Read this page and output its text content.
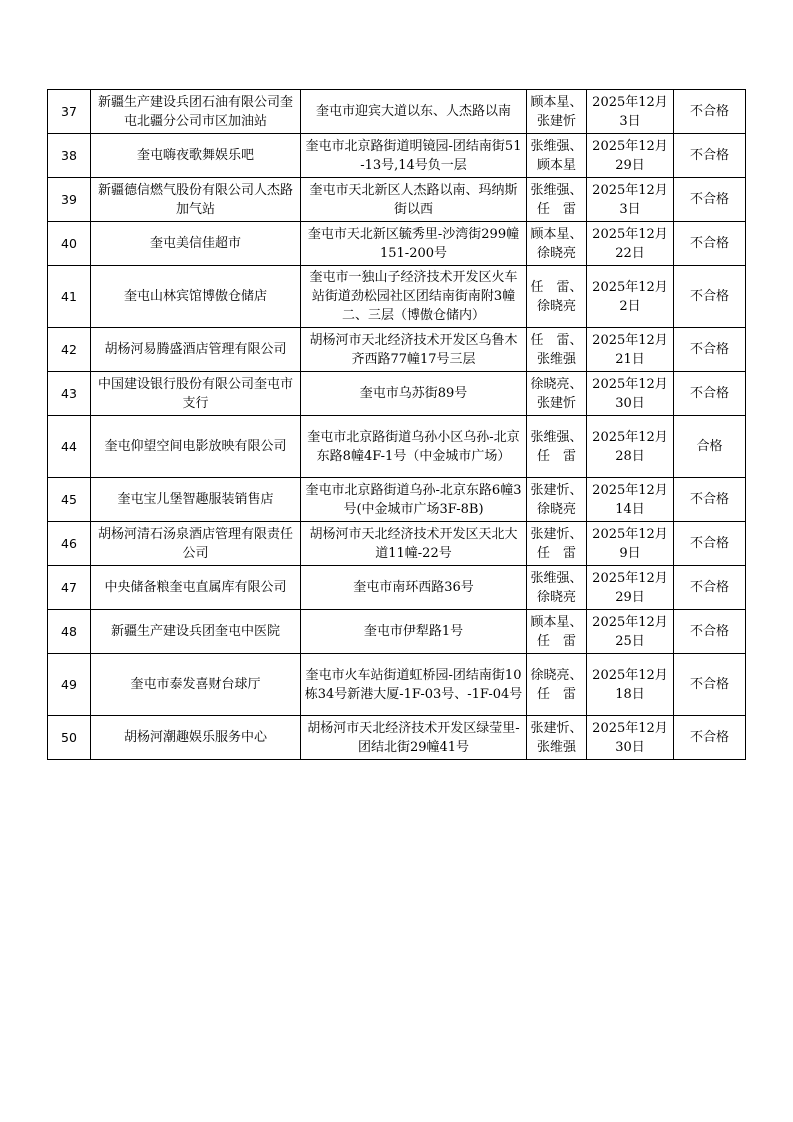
37	新疆生产建设兵团石油有限公司奎屯北疆分公司市区加油站	奎屯市迎宾大道以东、人杰路以南	顾本星、张建忻	2025年12月3日	不合格
38	奎屯嗨夜歌舞娱乐吧	奎屯市北京路街道明镜园-团结南街51-13号,14号负一层	张维强、顾本星	2025年12月29日	不合格
39	新疆德信燃气股份有限公司人杰路加气站	奎屯市天北新区人杰路以南、玛纳斯街以西	张维强、任　雷	2025年12月3日	不合格
40	奎屯美信佳超市	奎屯市天北新区毓秀里-沙湾街299幢151-200号	顾本星、徐晓亮	2025年12月22日	不合格
41	奎屯山林宾馆博傲仓储店	奎屯市一独山子经济技术开发区火车站街道劲松园社区团结南街南附3幢二、三层（博傲仓储内）	任　雷、徐晓亮	2025年12月2日	不合格
42	胡杨河易腾盛酒店管理有限公司	胡杨河市天北经济技术开发区乌鲁木齐西路77幢17号三层	任　雷、张维强	2025年12月21日	不合格
43	中国建设银行股份有限公司奎屯市支行	奎屯市乌苏街89号	徐晓亮、张建忻	2025年12月30日	不合格
44	奎屯仰望空间电影放映有限公司	奎屯市北京路街道乌孙小区乌孙-北京东路8幢4F-1号（中金城市广场）	张维强、任　雷	2025年12月28日	合格
45	奎屯宝儿堡智趣服装销售店	奎屯市北京路街道乌孙-北京东路6幢3号(中金城市广场3F-8B)	张建忻、徐晓亮	2025年12月14日	不合格
46	胡杨河清石汤泉酒店管理有限责任公司	胡杨河市天北经济技术开发区天北大道11幢-22号	张建忻、任　雷	2025年12月9日	不合格
47	中央储备粮奎屯直属库有限公司	奎屯市南环西路36号	张维强、徐晓亮	2025年12月29日	不合格
48	新疆生产建设兵团奎屯中医院	奎屯市伊犁路1号	顾本星、任　雷	2025年12月25日	不合格
49	奎屯市泰发喜财台球厅	奎屯市火车站街道虹桥园-团结南街10栋34号新港大厦-1F-03号、-1F-04号	徐晓亮、任　雷	2025年12月18日	不合格
50	胡杨河潮趣娱乐服务中心	胡杨河市天北经济技术开发区绿莹里-团结北街29幢41号	张建忻、张维强	2025年12月30日	不合格
